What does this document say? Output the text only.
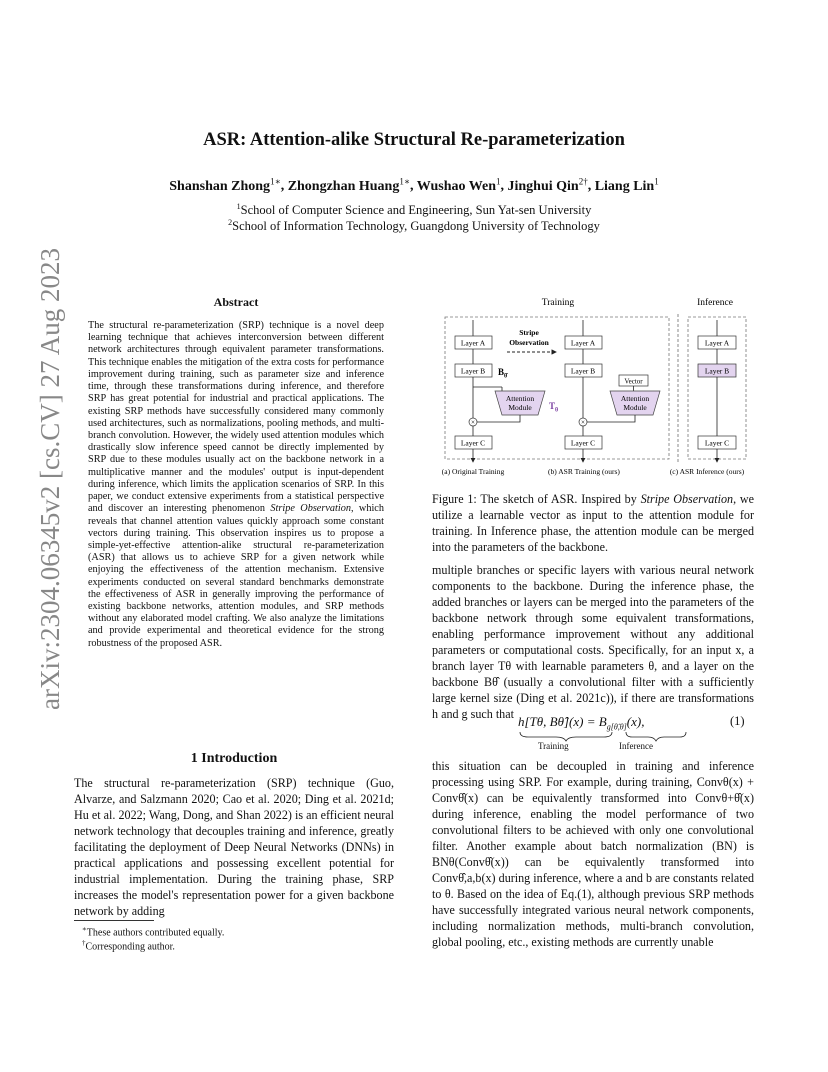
arXiv:2304.06345v2 [cs.CV] 27 Aug 2023
ASR: Attention-alike Structural Re-parameterization
Shanshan Zhong$^{1∗}$, Zhongzhan Huang$^{1∗}$, Wushao Wen$^1$, Jinghui Qin$^{2\dagger}$, Liang Lin$^1$
$^1$School of Computer Science and Engineering, Sun Yat-sen University
$^2$School of Information Technology, Guangdong University of Technology
Abstract
The structural re-parameterization (SRP) technique is a novel deep learning technique that achieves interconversion between different network architectures through equivalent parameter transformations. This technique enables the mitigation of the extra costs for performance improvement during training, such as parameter size and inference time, through these transformations during inference, and therefore SRP has great potential for industrial and practical applications. The existing SRP methods have successfully considered many commonly used architectures, such as normalizations, pooling methods, and multi-branch convolution. However, the widely used attention modules which drastically slow inference speed cannot be directly implemented by SRP due to these modules usually act on the backbone network in a multiplicative manner and the modules' output is input-dependent during inference, which limits the application scenarios of SRP. In this paper, we conduct extensive experiments from a statistical perspective and discover an interesting phenomenon Stripe Observation, which reveals that channel attention values quickly approach some constant vectors during training. This observation inspires us to propose a simple-yet-effective attention-alike structural re-parameterization (ASR) that allows us to achieve SRP for a given network while enjoying the effectiveness of the attention mechanism. Extensive experiments conducted on several standard benchmarks demonstrate the effectiveness of ASR in generally improving the performance of existing backbone networks, attention modules, and SRP methods without any elaborated model crafting. We also analyze the limitations and provide experimental and theoretical evidence for the strong robustness of the proposed ASR.
1 Introduction
The structural re-parameterization (SRP) technique (Guo, Alvarze, and Salzmann 2020; Cao et al. 2020; Ding et al. 2021d; Hu et al. 2022; Wang, Dong, and Shan 2022) is an efficient neural network technology that decouples training and inference, greatly facilitating the deployment of Deep Neural Networks (DNNs) in practical applications and possessing excellent potential for industrial implementation. During the training phase, SRP increases the model's representation power for a given backbone network by adding
∗These authors contributed equally.
†Corresponding author.
Training	Inference
Layer A
Layer B $B_{\thetâ}$
×
Attention
Module $T_\theta$
Layer C
Stripe
Observation	Layer A
Layer B
×
Vector
Attention
Module
Layer C
Layer A
Layer B
Layer C
(a) Original Training	(b) ASR Training (ours)	(c) ASR Inference (ours)
Figure 1: The sketch of ASR. Inspired by Stripe Observation, we utilize a learnable vector as input to the attention module for training. In Inference phase, the attention module can be merged into the parameters of the backbone.
multiple branches or specific layers with various neural network components to the backbone. During the inference phase, the added branches or layers can be merged into the parameters of the backbone network through some equivalent transformations, enabling performance improvement without any additional parameters or computational costs. Specifically, for an input x, a branch layer Tθ with learnable parameters θ, and a layer on the backbone Bθ̂ (usually a convolutional filter with a sufficiently large kernel size (Ding et al. 2021c)), if there are transformations h and g such that h[Tθ, Bθ̂](x) = $B_{g[\thetâ,\theta]}(x)$,	(1)
Training	Inference
this situation can be decoupled in training and inference processing using SRP. For example, during training, Convθ(x) + Convθ̂(x) can be equivalently transformed into Convθ+θ̂(x) during inference, enabling the model performance of two convolutional filters to be achieved with only one convolutional filter. Another example about batch normalization (BN) is BNθ(Convθ̂(x)) can be equivalently transformed into Convθ̂,a,b(x) during inference, where a and b are constants related to θ. Based on the idea of Eq.(1), although previous SRP methods have successfully integrated various neural network components, including normalization methods, multi-branch convolution, global pooling, etc., existing methods are currently unable
